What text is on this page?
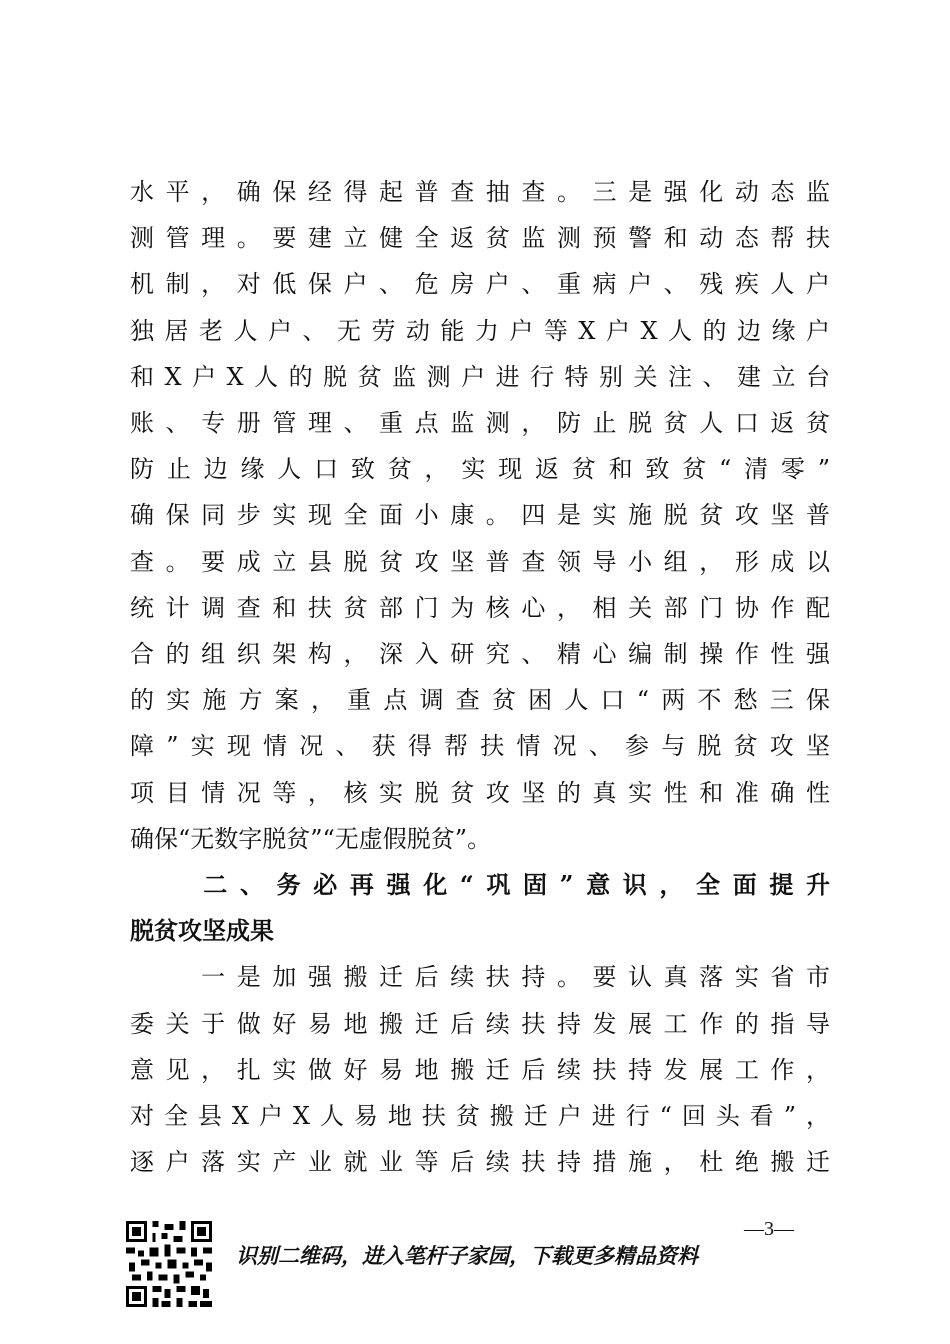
水平，确保经得起普查抽查。三是强化动态监
测管理。要建立健全返贫监测预警和动态帮扶
机制，对低保户、危房户、重病户、残疾人户
独居老人户、无劳动能力户等X户X人的边缘户
和X户X人的脱贫监测户进行特别关注、建立台
账、专册管理、重点监测，防止脱贫人口返贫
防止边缘人口致贫，实现返贫和致贫“清零”
确保同步实现全面小康。四是实施脱贫攻坚普
查。要成立县脱贫攻坚普查领导小组，形成以
统计调查和扶贫部门为核心，相关部门协作配
合的组织架构，深入研究、精心编制操作性强
的实施方案，重点调查贫困人口“两不愁三保
障”实现情况、获得帮扶情况、参与脱贫攻坚
项目情况等，核实脱贫攻坚的真实性和准确性
确保“无数字脱贫”“无虚假脱贫”。
　　二、务必再强化“巩固”意识，全面提升
脱贫攻坚成果
　　一是加强搬迁后续扶持。要认真落实省市
委关于做好易地搬迁后续扶持发展工作的指导
意见，扎实做好易地搬迁后续扶持发展工作，
对全县X户X人易地扶贫搬迁户进行“回头看”，
逐户落实产业就业等后续扶持措施，杜绝搬迁
识别二维码，进入笔杆子家园，下载更多精品资料
—3—
